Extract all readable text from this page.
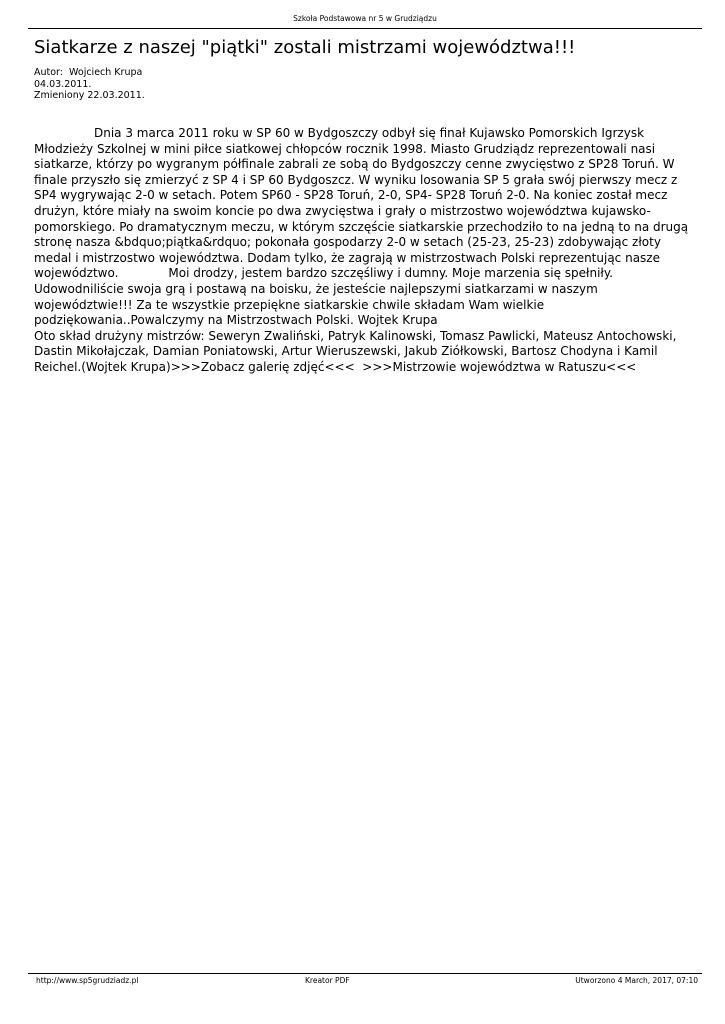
Szkoła Podstawowa nr 5 w Grudziądzu
Siatkarze z naszej "piątki" zostali mistrzami województwa!!!
Autor: Wojciech Krupa
04.03.2011.
Zmieniony 22.03.2011.

Dnia 3 marca 2011 roku w SP 60 w Bydgoszczy odbył się finał Kujawsko Pomorskich Igrzysk Młodzieży Szkolnej w mini piłce siatkowej chłopców rocznik 1998. Miasto Grudziądz reprezentowali nasi siatkarze, którzy po wygranym półfinale zabrali ze sobą do Bydgoszczy cenne zwycięstwo z SP28 Toruń. W finale przyszło się zmierzyć z SP 4 i SP 60 Bydgoszcz. W wyniku losowania SP 5 grała swój pierwszy mecz z SP4 wygrywając 2-0 w setach. Potem SP60 - SP28 Toruń, 2-0, SP4- SP28 Toruń 2-0. Na koniec został mecz drużyn, które miały na swoim koncie po dwa zwycięstwa i grały o mistrzostwo województwa kujawsko-pomorskiego. Po dramatycznym meczu, w którym szczęście siatkarskie przechodziło to na jedną to na drugą stronę nasza &bdquo;piątka&rdquo; pokonała gospodarzy 2-0 w setach (25-23, 25-23) zdobywając złoty medal i mistrzostwo województwa. Dodam tylko, że zagrają w mistrzostwach Polski reprezentując nasze województwo.	Moi drodzy, jestem bardzo szczęśliwy i dumny. Moje marzenia się spełniły. Udowodniliście swoja grą i postawą na boisku, że jesteście najlepszymi siatkarzami w naszym województwie!!! Za te wszystkie przepiękne siatkarskie chwile składam Wam wielkie podziękowania..Powalczymy na Mistrzostwach Polski. Wojtek Krupa

Oto skład drużyny mistrzów: Seweryn Zwaliński, Patryk Kalinowski, Tomasz Pawlicki, Mateusz Antochowski, Dastin Mikołajczak, Damian Poniatowski, Artur Wieruszewski, Jakub Ziółkowski, Bartosz Chodyna i Kamil Reichel.(Wojtek Krupa)>>>Zobacz galerię zdjęć<<< >>>Mistrzowie województwa w Ratuszu<<<

http://www.sp5grudziadz.pl	Kreator PDF	Utworzono 4 March, 2017, 07:10
